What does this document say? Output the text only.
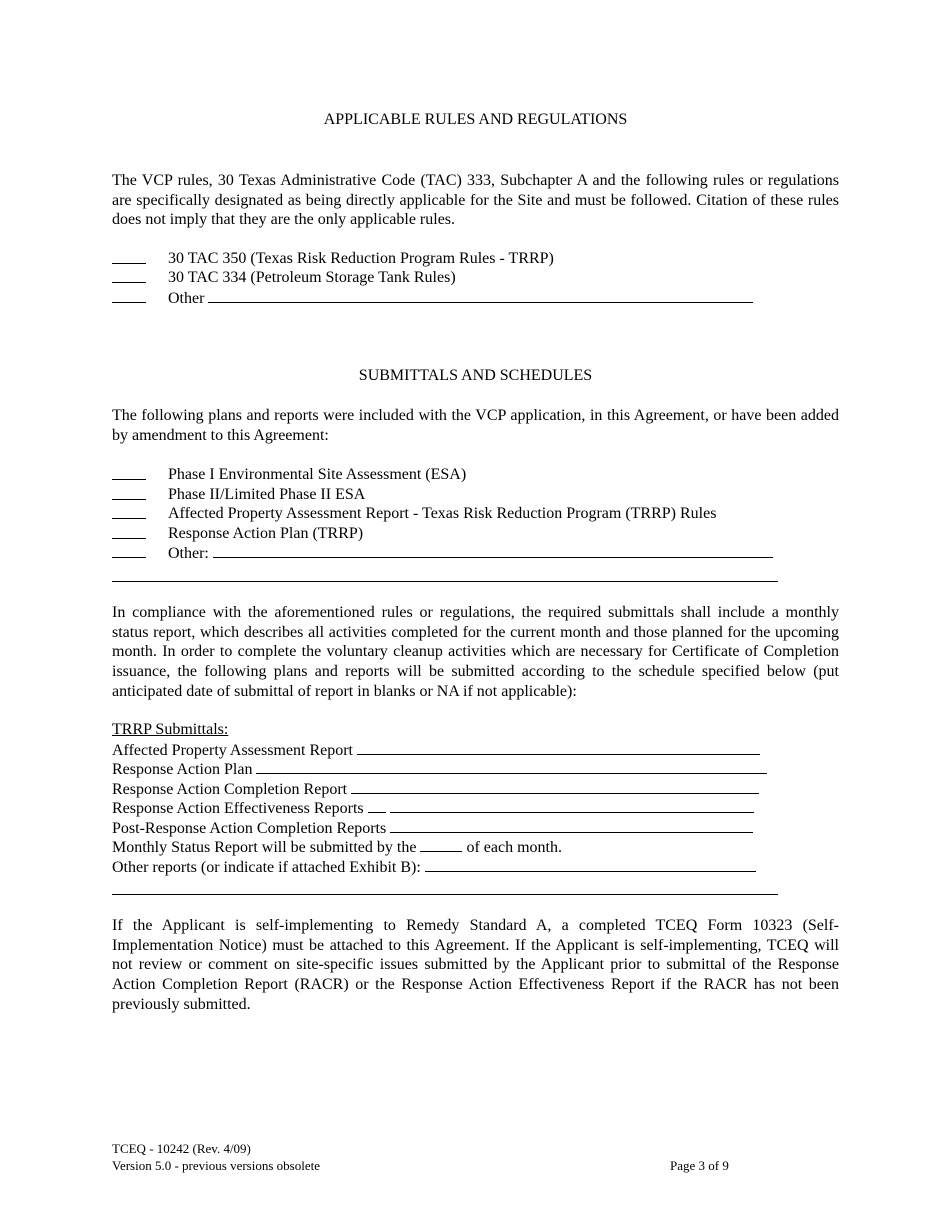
APPLICABLE RULES AND REGULATIONS

The VCP rules, 30 Texas Administrative Code (TAC) 333, Subchapter A and the following rules or regulations are specifically designated as being directly applicable for the Site and must be followed. Citation of these rules does not imply that they are the only applicable rules.

30 TAC 350 (Texas Risk Reduction Program Rules - TRRP)
30 TAC 334 (Petroleum Storage Tank Rules)
Other
SUBMITTALS AND SCHEDULES

The following plans and reports were included with the VCP application, in this Agreement, or have been added by amendment to this Agreement:

Phase I Environmental Site Assessment (ESA)
Phase II/Limited Phase II ESA
Affected Property Assessment Report - Texas Risk Reduction Program (TRRP) Rules
Response Action Plan (TRRP)
Other:

In compliance with the aforementioned rules or regulations, the required submittals shall include a monthly status report, which describes all activities completed for the current month and those planned for the upcoming month. In order to complete the voluntary cleanup activities which are necessary for Certificate of Completion issuance, the following plans and reports will be submitted according to the schedule specified below (put anticipated date of submittal of report in blanks or NA if not applicable):

TRRP Submittals:
Affected Property Assessment Report
Response Action Plan
Response Action Completion Report
Response Action Effectiveness Reports
Post-Response Action Completion Reports
Monthly Status Report will be submitted by the	of each month.
Other reports (or indicate if attached Exhibit B):

If the Applicant is self-implementing to Remedy Standard A, a completed TCEQ Form 10323 (Self-Implementation Notice) must be attached to this Agreement. If the Applicant is self-implementing, TCEQ will not review or comment on site-specific issues submitted by the Applicant prior to submittal of the Response Action Completion Report (RACR) or the Response Action Effectiveness Report if the RACR has not been previously submitted.

TCEQ - 10242 (Rev. 4/09)
Version 5.0 - previous versions obsolete	Page 3 of 9
